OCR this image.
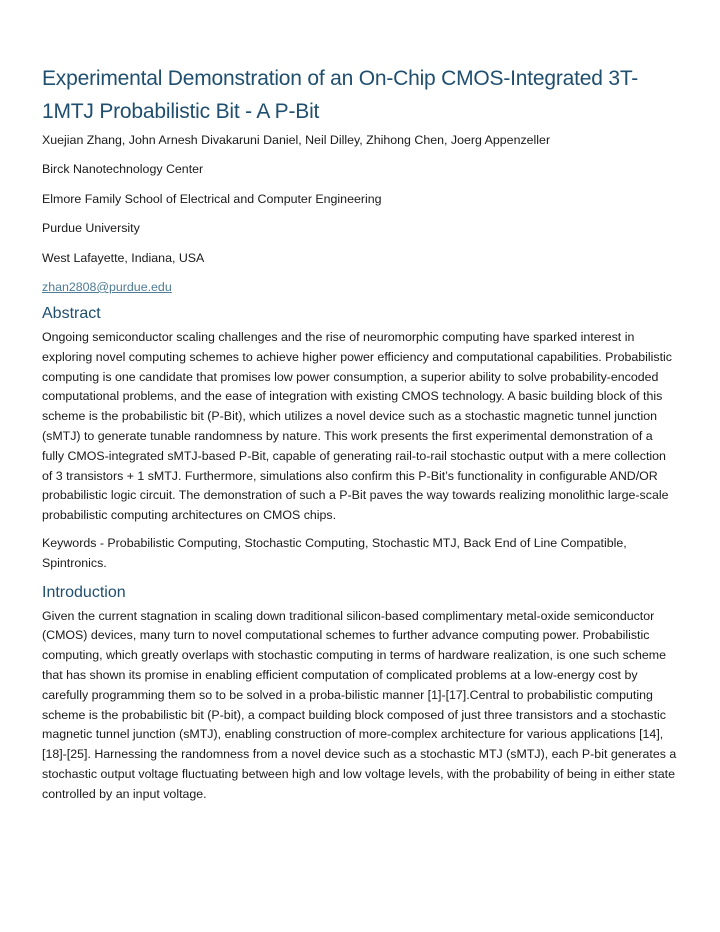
Experimental Demonstration of an On-Chip CMOS-Integrated 3T-1MTJ Probabilistic Bit - A P-Bit

Xuejian Zhang, John Arnesh Divakaruni Daniel, Neil Dilley, Zhihong Chen, Joerg Appenzeller

Birck Nanotechnology Center

Elmore Family School of Electrical and Computer Engineering

Purdue University

West Lafayette, Indiana, USA

zhan2808@purdue.edu

Abstract

Ongoing semiconductor scaling challenges and the rise of neuromorphic computing have sparked interest in exploring novel computing schemes to achieve higher power efficiency and computational capabilities. Probabilistic computing is one candidate that promises low power consumption, a superior ability to solve probability-encoded computational problems, and the ease of integration with existing CMOS technology. A basic building block of this scheme is the probabilistic bit (P-Bit), which utilizes a novel device such as a stochastic magnetic tunnel junction (sMTJ) to generate tunable randomness by nature. This work presents the first experimental demonstration of a fully CMOS-integrated sMTJ-based P-Bit, capable of generating rail-to-rail stochastic output with a mere collection of 3 transistors + 1 sMTJ. Furthermore, simulations also confirm this P-Bit’s functionality in configurable AND/OR probabilistic logic circuit. The demonstration of such a P-Bit paves the way towards realizing monolithic large-scale probabilistic computing architectures on CMOS chips.

Keywords - Probabilistic Computing, Stochastic Computing, Stochastic MTJ, Back End of Line Compatible, Spintronics.

Introduction

Given the current stagnation in scaling down traditional silicon-based complimentary metal-oxide semiconductor (CMOS) devices, many turn to novel computational schemes to further advance computing power. Probabilistic computing, which greatly overlaps with stochastic computing in terms of hardware realization, is one such scheme that has shown its promise in enabling efficient computation of complicated problems at a low-energy cost by carefully programming them so to be solved in a proba-bilistic manner [1]-[17].Central to probabilistic computing scheme is the probabilistic bit (P-bit), a compact building block composed of just three transistors and a stochastic magnetic tunnel junction (sMTJ), enabling construction of more-complex architecture for various applications [14], [18]-[25]. Harnessing the randomness from a novel device such as a stochastic MTJ (sMTJ), each P-bit generates a stochastic output voltage fluctuating between high and low voltage levels, with the probability of being in either state controlled by an input voltage.
